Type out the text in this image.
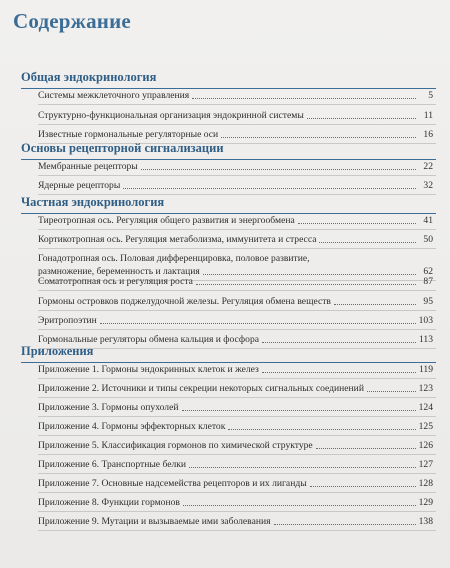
Содержание
Общая эндокринология
Системы межклеточного управления	5
Структурно-функциональная организация эндокринной системы	11
Известные гормональные регуляторные оси	16
Основы рецепторной сигнализации
Мембранные рецепторы	22
Ядерные рецепторы	32
Частная эндокринология
Тиреотропная ось. Регуляция общего развития и энергообмена	41
Кортикотропная ось. Регуляция метаболизма, иммунитета и стресса	50
Гонадотропная ось. Половая дифференцировка, половое развитие,
размножение, беременность и лактация	62
Соматотропная ось и регуляция роста	87
Гормоны островков поджелудочной железы. Регуляция обмена веществ	95
Эритропоэтин	103
Гормональные регуляторы обмена кальция и фосфора	113
Приложения
Приложение 1. Гормоны эндокринных клеток и желез	119
Приложение 2. Источники и типы секреции некоторых сигнальных соединений	123
Приложение 3. Гормоны опухолей	124
Приложение 4. Гормоны эффекторных клеток	125
Приложение 5. Классификация гормонов по химической структуре	126
Приложение 6. Транспортные белки	127
Приложение 7. Основные надсемейства рецепторов и их лиганды	128
Приложение 8. Функции гормонов	129
Приложение 9. Мутации и вызываемые ими заболевания	138
